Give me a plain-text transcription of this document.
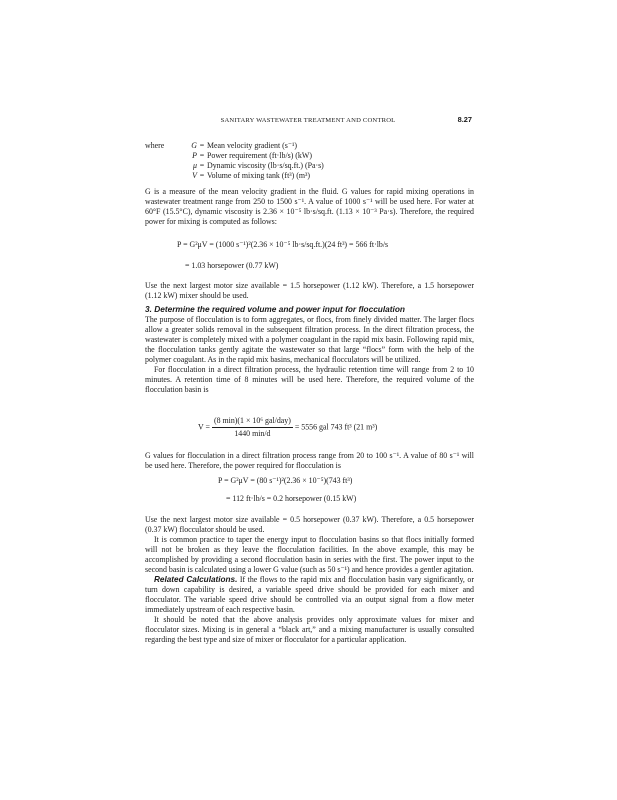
SANITARY WASTEWATER TREATMENT AND CONTROL	8.27
where	G = Mean velocity gradient (s⁻¹)
P = Power requirement (ft·lb/s) (kW)
μ = Dynamic viscosity (lb·s/sq.ft.) (Pa·s)
V = Volume of mixing tank (ft³) (m³)

G is a measure of the mean velocity gradient in the fluid. G values for rapid mixing operations in wastewater treatment range from 250 to 1500 s⁻¹. A value of 1000 s⁻¹ will be used here. For water at 60°F (15.5°C), dynamic viscosity is 2.36 × 10⁻⁵ lb·s/sq.ft. (1.13 × 10⁻³ Pa·s). Therefore, the required power for mixing is computed as follows:

P = G²μV = (1000 s⁻¹)²(2.36 × 10⁻⁵ lb·s/sq.ft.)(24 ft³) = 566 ft·lb/s
= 1.03 horsepower (0.77 kW)

Use the next largest motor size available = 1.5 horsepower (1.12 kW). Therefore, a 1.5 horsepower (1.12 kW) mixer should be used.

3. Determine the required volume and power input for flocculation

The purpose of flocculation is to form aggregates, or flocs, from finely divided matter. The larger flocs allow a greater solids removal in the subsequent filtration process. In the direct filtration process, the wastewater is completely mixed with a polymer coagulant in the rapid mix basin. Following rapid mix, the flocculation tanks gently agitate the wastewater so that large “flocs” form with the help of the polymer coagulant. As in the rapid mix basins, mechanical flocculators will be utilized.

For flocculation in a direct filtration process, the hydraulic retention time will range from 2 to 10 minutes. A retention time of 8 minutes will be used here. Therefore, the required volume of the flocculation basin is

$V = \frac{\text{(8 min)(1 × 10⁶ gal/day)}}{1440 \min/d} = 5556$ gal 743 ft³ (21 m³)

G values for flocculation in a direct filtration process range from 20 to 100 s⁻¹. A value of 80 s⁻¹ will be used here. Therefore, the power required for flocculation is

P = G²μV = (80 s⁻¹)²(2.36 × 10⁻⁵)(743 ft³)
= 112 ft·lb/s = 0.2 horsepower (0.15 kW)

Use the next largest motor size available = 0.5 horsepower (0.37 kW). Therefore, a 0.5 horsepower (0.37 kW) flocculator should be used.

It is common practice to taper the energy input to flocculation basins so that flocs initially formed will not be broken as they leave the flocculation facilities. In the above example, this may be accomplished by providing a second flocculation basin in series with the first. The power input to the second basin is calculated using a lower G value (such as 50 s⁻¹) and hence provides a gentler agitation.

Related Calculations. If the flows to the rapid mix and flocculation basin vary significantly, or turn down capability is desired, a variable speed drive should be provided for each mixer and flocculator. The variable speed drive should be controlled via an output signal from a flow meter immediately upstream of each respective basin.

It should be noted that the above analysis provides only approximate values for mixer and flocculator sizes. Mixing is in general a “black art,” and a mixing manufacturer is usually consulted regarding the best type and size of mixer or flocculator for a particular application.
